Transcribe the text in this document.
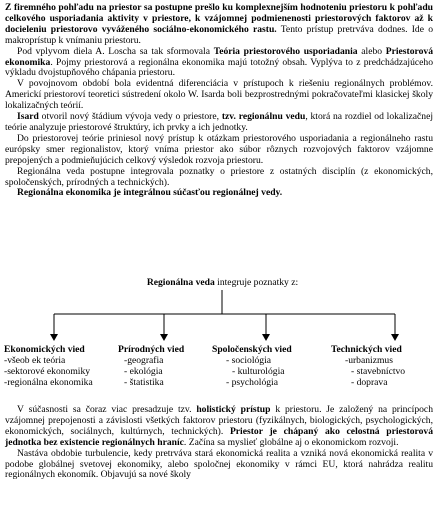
Z firemného pohľadu na priestor sa postupne prešlo ku komplexnejším hodnoteniu priestoru k pohľadu celkového usporiadania aktivity v priestore, k vzájomnej podmienenosti priestorových faktorov až k docieleniu priestorovo vyváženého sociálno-ekonomického rastu. Tento prístup pretrváva dodnes. Ide o makroprístup k vnímaniu priestoru.

Pod vplyvom diela A. Loscha sa tak sformovala Teória priestorového usporiadania alebo Priestorová ekonomika. Pojmy priestorová a regionálna ekonomika majú totožný obsah. Vyplýva to z predchádzajúceho výkladu dvojstupňového chápania priestoru.

V povojnovom období bola evidentná diferenciácia v prístupoch k riešeniu regionálnych problémov. Americkí priestoroví teoretici sústredení okolo W. Isarda boli bezprostrednými pokračovateľmi klasickej školy lokalizačných teórií.

Isard otvoril nový štádium vývoja vedy o priestore, tzv. regionálnu vedu, ktorá na rozdiel od lokalizačnej teórie analyzuje priestorové štruktúry, ich prvky a ich jednotky.

Do priestorovej teórie priniesol nový prístup k otázkam priestorového usporiadania a regionálneho rastu európsky smer regionalistov, ktorý vníma priestor ako súbor rôznych rozvojových faktorov vzájomne prepojených a podmieňujúcich celkový výsledok rozvoja priestoru.

Regionálna veda postupne integrovala poznatky o priestore z ostatných disciplín (z ekonomických, spoločenských, prírodných a technických).

Regionálna ekonomika je integrálnou súčasťou regionálnej vedy.

Regionálna veda integruje poznatky z:
Ekonomických vied
-všeob ek teória
-sektorové ekonomiky
-regionálna ekonomika
Prírodných vied
-geografia
- ekológia
- štatistika
Spoločenských vied
- sociológia
- kulturológia
- psychológia
Technických vied
-urbanizmus
- stavebníctvo
- doprava

V súčasnosti sa čoraz viac presadzuje tzv. holistický prístup k priestoru. Je založený na princípoch vzájomnej prepojenosti a závislosti všetkých faktorov priestoru (fyzikálnych, biologických, psychologických, ekonomických, sociálnych, kultúrnych, technických). Priestor je chápaný ako celostná priestorová jednotka bez existencie regionálnych hraníc. Začína sa myslieť globálne aj o ekonomickom rozvoji.

Nastáva obdobie turbulencie, kedy pretrváva stará ekonomická realita a vzniká nová ekonomická realita v podobe globálnej svetovej ekonomiky, alebo spoločnej ekonomiky v rámci EU, ktorá nahrádza realitu regionálnych ekonomík. Objavujú sa nové školy
